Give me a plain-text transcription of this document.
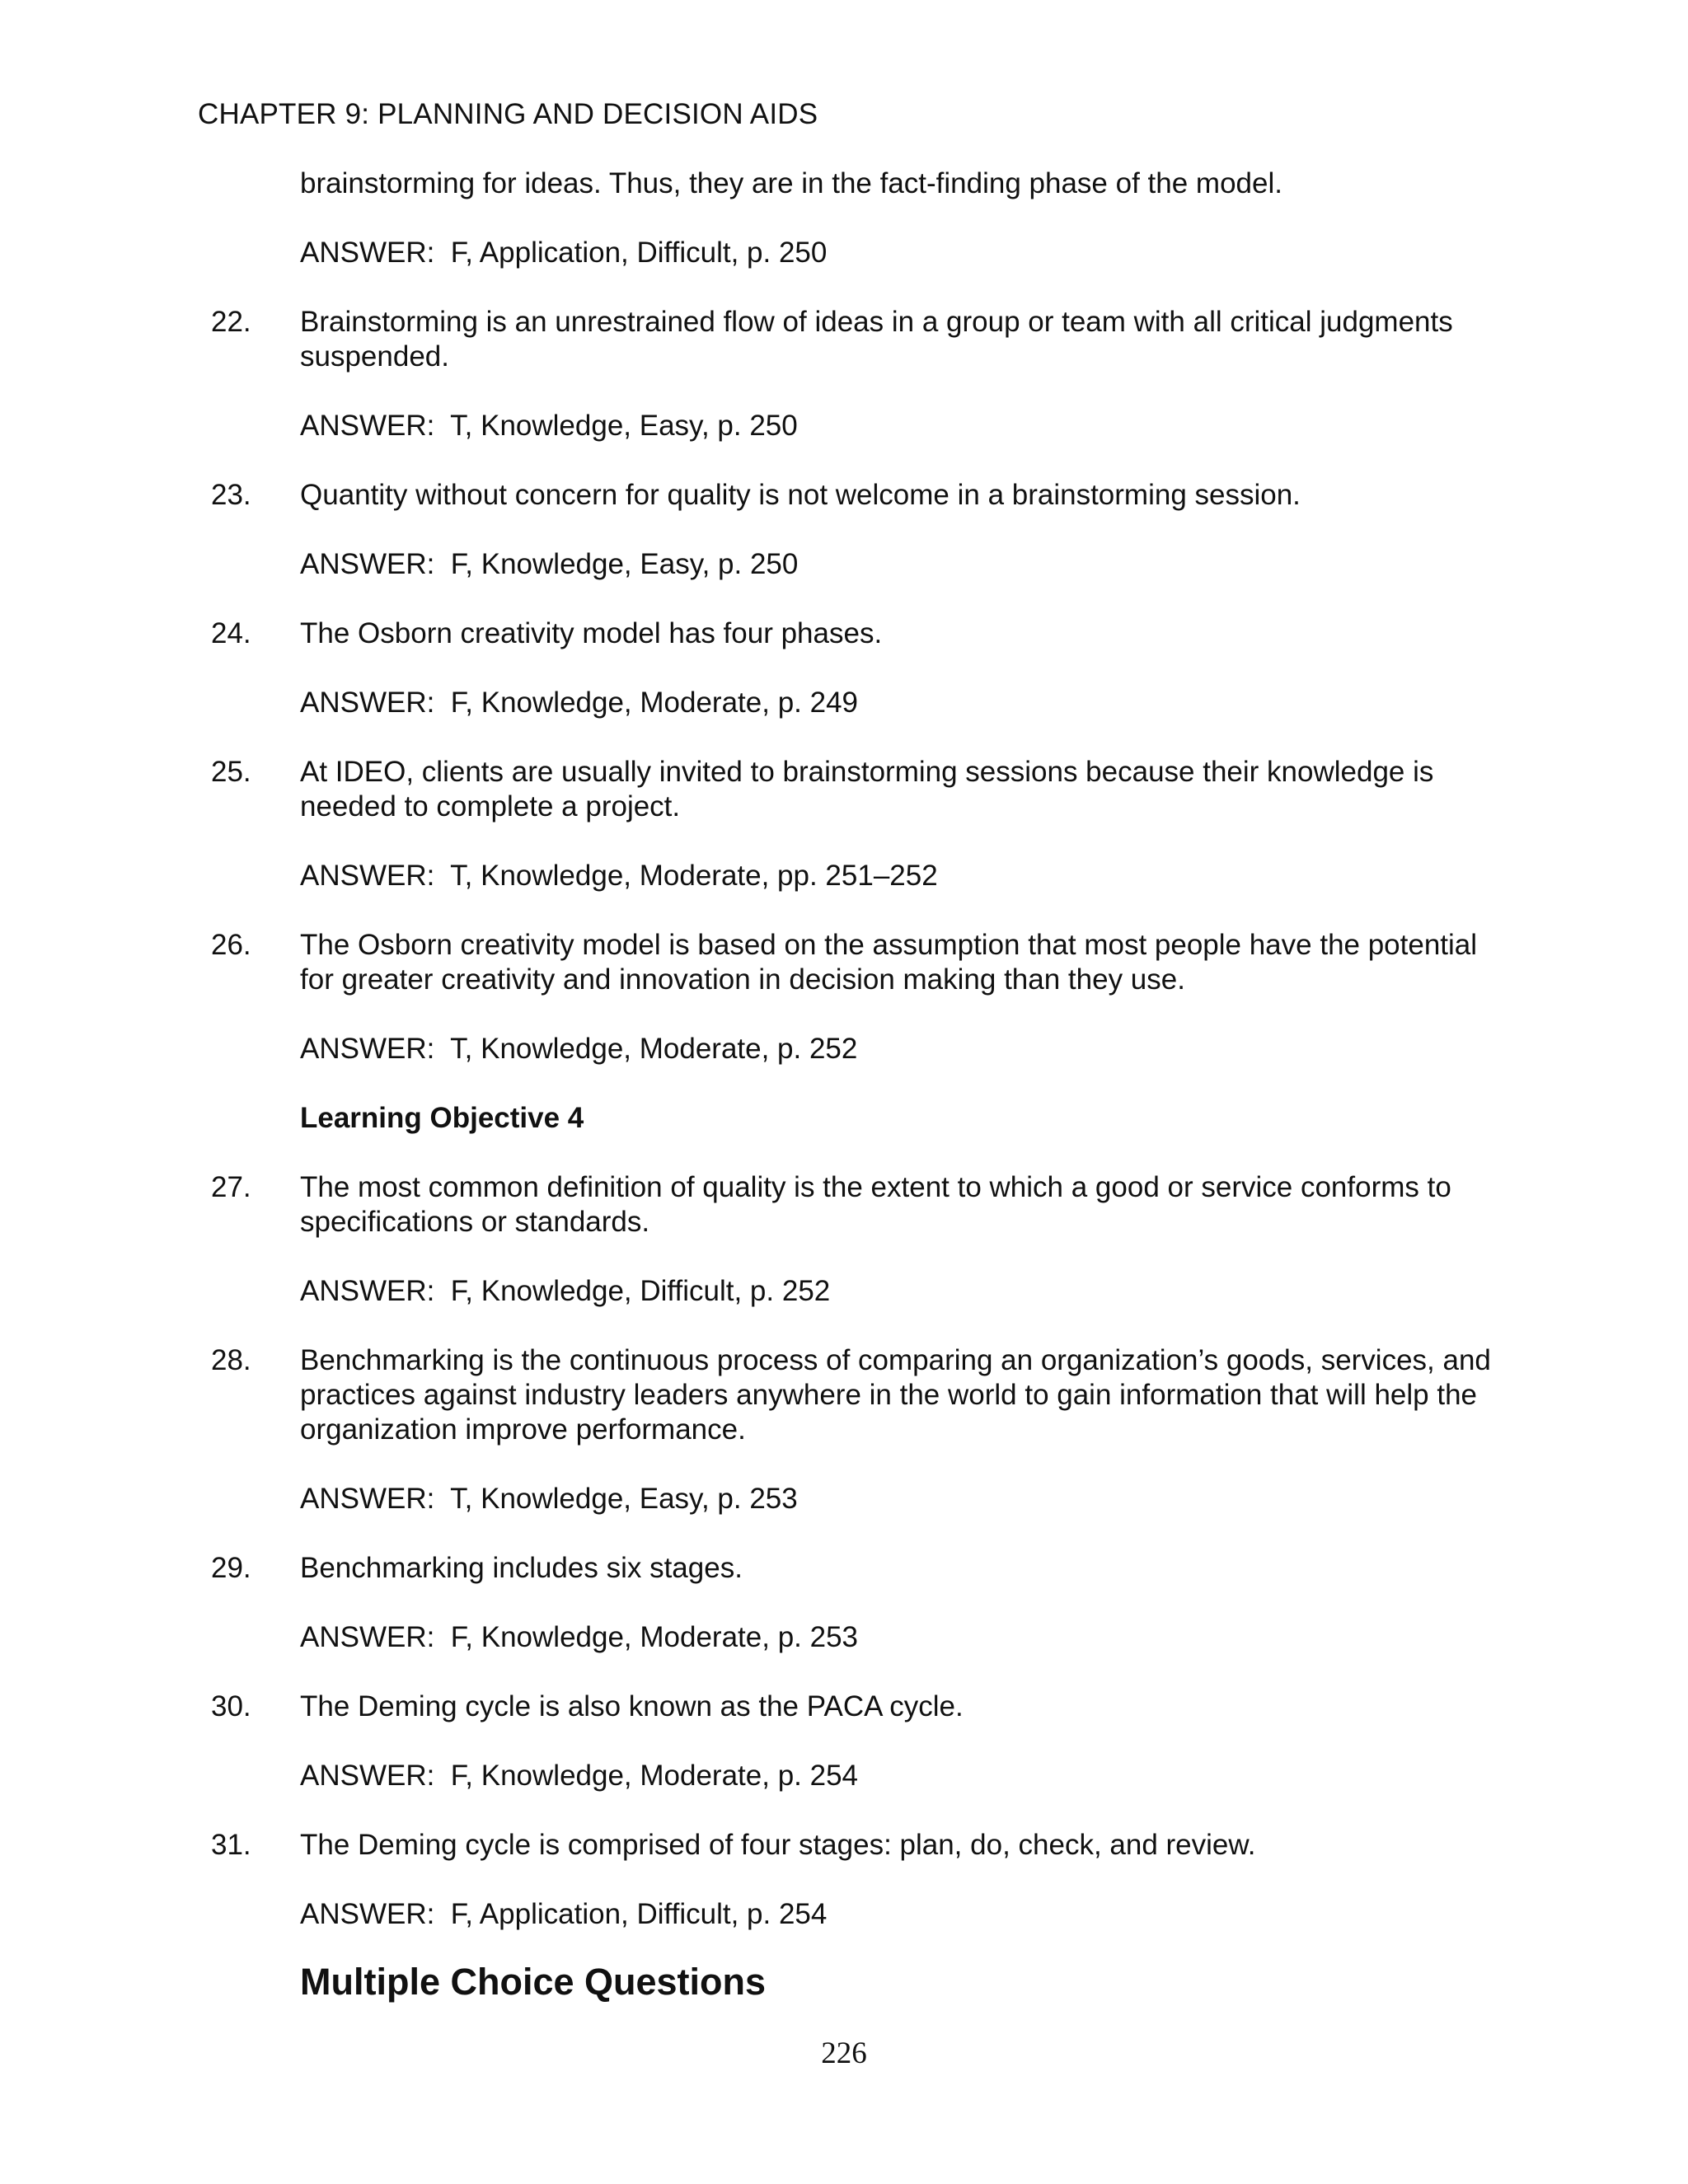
CHAPTER 9: PLANNING AND DECISION AIDS
brainstorming for ideas. Thus, they are in the fact-finding phase of the model.
ANSWER:  F, Application, Difficult, p. 250
22.	Brainstorming is an unrestrained flow of ideas in a group or team with all critical judgments suspended.
ANSWER:  T, Knowledge, Easy, p. 250
23.	Quantity without concern for quality is not welcome in a brainstorming session.
ANSWER:  F, Knowledge, Easy, p. 250
24.	The Osborn creativity model has four phases.
ANSWER:  F, Knowledge, Moderate, p. 249
25.	At IDEO, clients are usually invited to brainstorming sessions because their knowledge is needed to complete a project.
ANSWER:  T, Knowledge, Moderate, pp. 251–252
26.	The Osborn creativity model is based on the assumption that most people have the potential for greater creativity and innovation in decision making than they use.
ANSWER:  T, Knowledge, Moderate, p. 252
Learning Objective 4
27.	The most common definition of quality is the extent to which a good or service conforms to specifications or standards.
ANSWER:  F, Knowledge, Difficult, p. 252
28.	Benchmarking is the continuous process of comparing an organization’s goods, services, and practices against industry leaders anywhere in the world to gain information that will help the organization improve performance.
ANSWER:  T, Knowledge, Easy, p. 253
29.	Benchmarking includes six stages.
ANSWER:  F, Knowledge, Moderate, p. 253
30.	The Deming cycle is also known as the PACA cycle.
ANSWER:  F, Knowledge, Moderate, p. 254
31.	The Deming cycle is comprised of four stages: plan, do, check, and review.
ANSWER:  F, Application, Difficult, p. 254
Multiple Choice Questions
226
